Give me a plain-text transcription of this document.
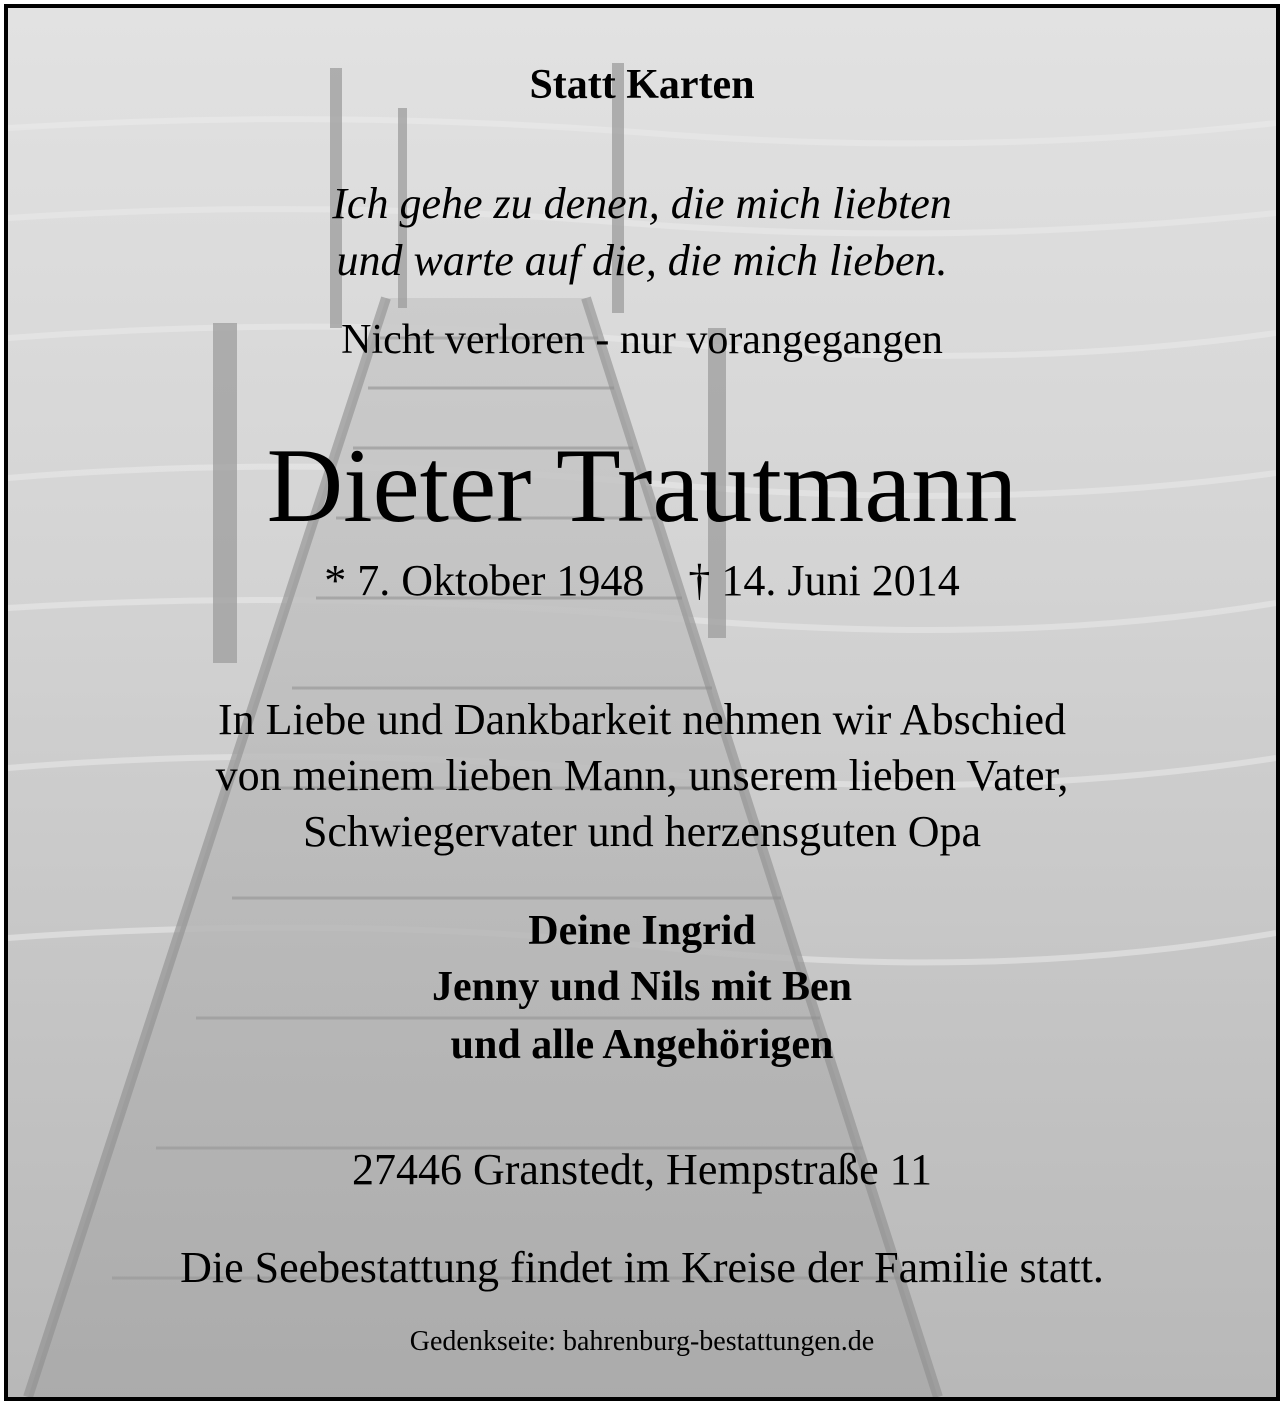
Statt Karten
Ich gehe zu denen, die mich liebten
und warte auf die, die mich lieben.
Nicht verloren - nur vorangegangen
Dieter Trautmann
* 7. Oktober 1948 † 14. Juni 2014
In Liebe und Dankbarkeit nehmen wir Abschied
von meinem lieben Mann, unserem lieben Vater,
Schwiegervater und herzensguten Opa
Deine Ingrid
Jenny und Nils mit Ben
und alle Angehörigen
27446 Granstedt, Hempstraße 11
Die Seebestattung findet im Kreise der Familie statt.
Gedenkseite: bahrenburg-bestattungen.de
